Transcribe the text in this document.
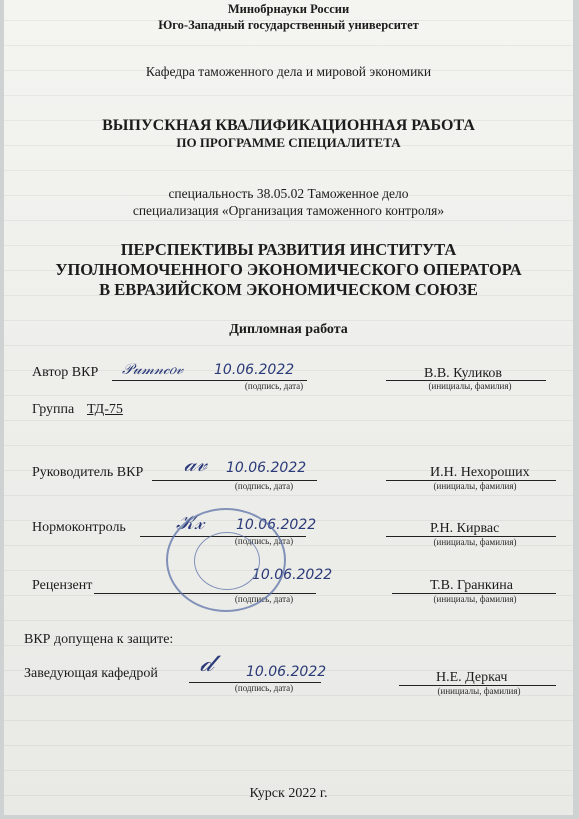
Минобрнауки России
Юго-Западный государственный университет
Кафедра таможенного дела и мировой экономики
ВЫПУСКНАЯ КВАЛИФИКАЦИОННАЯ РАБОТА
ПО ПРОГРАММЕ СПЕЦИАЛИТЕТА
специальность 38.05.02 Таможенное дело
специализация «Организация таможенного контроля»
ПЕРСПЕКТИВЫ РАЗВИТИЯ ИНСТИТУТА
УПОЛНОМОЧЕННОГО ЭКОНОМИЧЕСКОГО ОПЕРАТОРА
В ЕВРАЗИЙСКОМ ЭКОНОМИЧЕСКОМ СОЮЗЕ
Дипломная работа
Автор ВКР 𝒫𝓊𝓂𝓃𝒸𝑜𝓋 10.06.2022
(подпись, дата)
В.В. Куликов
(инициалы, фамилия)
Группа ТД-75
Руководитель ВКР 𝒶𝓋 10.06.2022
(подпись, дата)
И.Н. Нехороших
(инициалы, фамилия)
Нормоконтроль	𝒦𝓍 10.06.2022
(подпись, дата)
Р.Н. Кирвас
(инициалы, фамилия)
Рецензент
10.06.2022
(подпись, дата)
Т.В. Гранкина
(инициалы, фамилия)
ВКР допущена к защите:
Заведующая кафедрой 𝒹 10.06.2022
(подпись, дата)
Н.Е. Деркач
(инициалы, фамилия)
Курск 2022 г.
